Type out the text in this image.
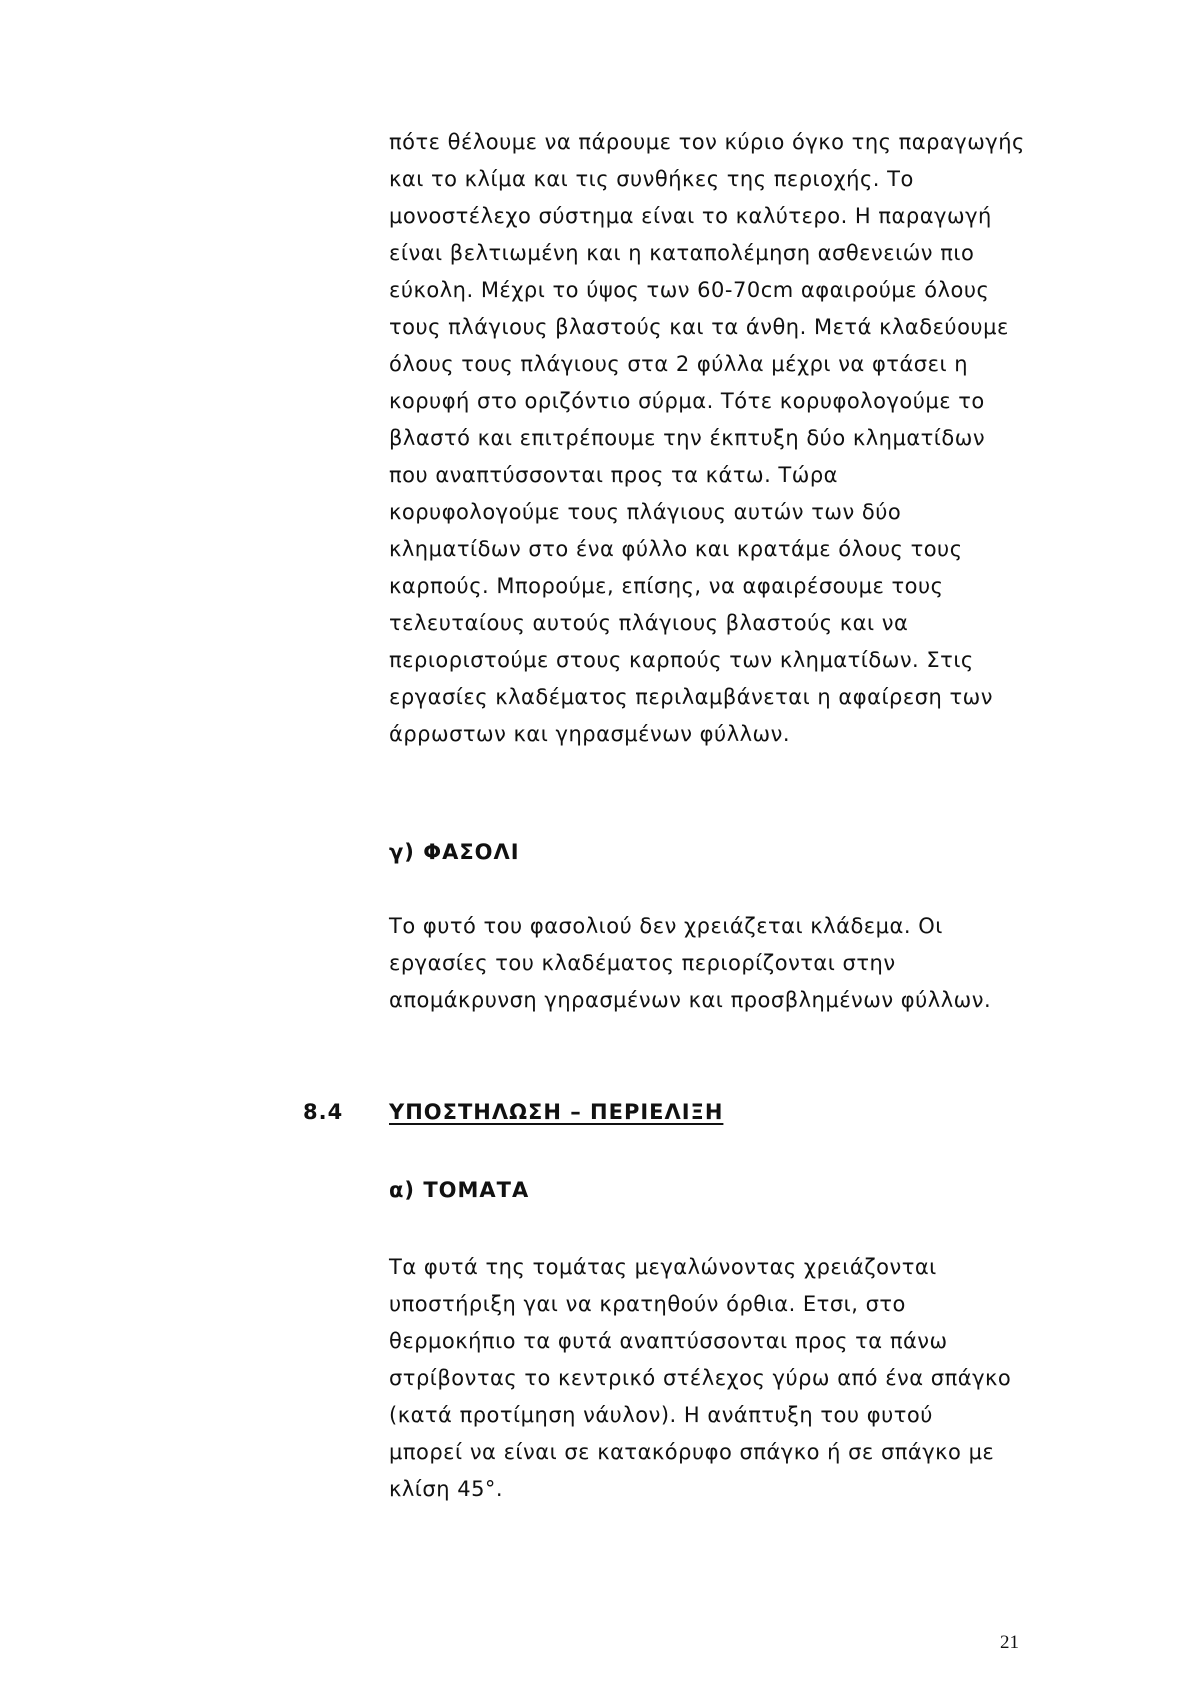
πότε θέλουμε να πάρουμε τον κύριο όγκο της παραγωγής
και το κλίμα και τις συνθήκες της περιοχής. Το
μονοστέλεχο σύστημα είναι το καλύτερο. Η παραγωγή
είναι βελτιωμένη και η καταπολέμηση ασθενειών πιο
εύκολη. Μέχρι το ύψος των 60-70cm αφαιρούμε όλους
τους πλάγιους βλαστούς και τα άνθη. Μετά κλαδεύουμε
όλους τους πλάγιους στα 2 φύλλα μέχρι να φτάσει η
κορυφή στο οριζόντιο σύρμα. Τότε κορυφολογούμε το
βλαστό και επιτρέπουμε την έκπτυξη δύο κληματίδων
που αναπτύσσονται προς τα κάτω. Τώρα
κορυφολογούμε τους πλάγιους αυτών των δύο
κληματίδων στο ένα φύλλο και κρατάμε όλους τους
καρπούς. Μπορούμε, επίσης, να αφαιρέσουμε τους
τελευταίους αυτούς πλάγιους βλαστούς και να
περιοριστούμε στους καρπούς των κληματίδων. Στις
εργασίες κλαδέματος περιλαμβάνεται η αφαίρεση των
άρρωστων και γηρασμένων φύλλων.
γ) ΦΑΣΟΛΙ
Το φυτό του φασολιού δεν χρειάζεται κλάδεμα. Οι
εργασίες του κλαδέματος περιορίζονται στην
απομάκρυνση γηρασμένων και προσβλημένων φύλλων.
8.4 ΥΠΟΣΤΗΛΩΣΗ – ΠΕΡΙΕΛΙΞΗ
α) ΤΟΜΑΤΑ
Τα φυτά της τομάτας μεγαλώνοντας χρειάζονται
υποστήριξη γαι να κρατηθούν όρθια. Ετσι, στο
θερμοκήπιο τα φυτά αναπτύσσονται προς τα πάνω
στρίβοντας το κεντρικό στέλεχος γύρω από ένα σπάγκο
(κατά προτίμηση νάυλον). Η ανάπτυξη του φυτού
μπορεί να είναι σε κατακόρυφο σπάγκο ή σε σπάγκο με
κλίση 45°.
21
